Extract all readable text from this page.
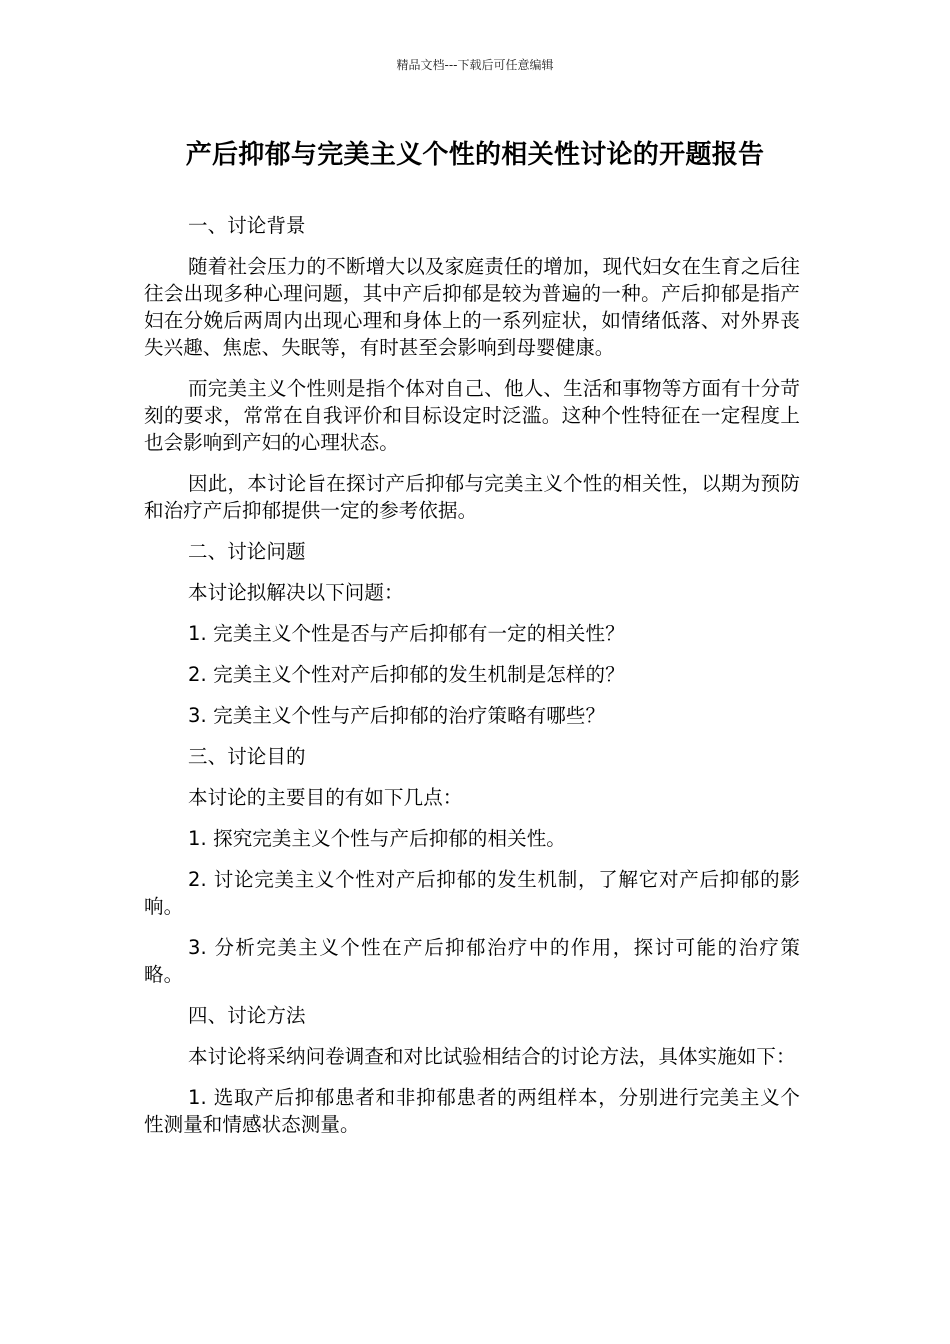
精品文档---下载后可任意编辑
产后抑郁与完美主义个性的相关性讨论的开题报告

一、讨论背景

随着社会压力的不断增大以及家庭责任的增加，现代妇女在生育之后往往会出现多种心理问题，其中产后抑郁是较为普遍的一种。产后抑郁是指产妇在分娩后两周内出现心理和身体上的一系列症状，如情绪低落、对外界丧失兴趣、焦虑、失眠等，有时甚至会影响到母婴健康。

而完美主义个性则是指个体对自己、他人、生活和事物等方面有十分苛刻的要求，常常在自我评价和目标设定时泛滥。这种个性特征在一定程度上也会影响到产妇的心理状态。

因此，本讨论旨在探讨产后抑郁与完美主义个性的相关性，以期为预防和治疗产后抑郁提供一定的参考依据。

二、讨论问题

本讨论拟解决以下问题：

1. 完美主义个性是否与产后抑郁有一定的相关性？

2. 完美主义个性对产后抑郁的发生机制是怎样的？

3. 完美主义个性与产后抑郁的治疗策略有哪些？

三、讨论目的

本讨论的主要目的有如下几点：

1. 探究完美主义个性与产后抑郁的相关性。

2. 讨论完美主义个性对产后抑郁的发生机制，了解它对产后抑郁的影响。

3. 分析完美主义个性在产后抑郁治疗中的作用，探讨可能的治疗策略。

四、讨论方法

本讨论将采纳问卷调查和对比试验相结合的讨论方法，具体实施如下：

1. 选取产后抑郁患者和非抑郁患者的两组样本，分别进行完美主义个性测量和情感状态测量。
